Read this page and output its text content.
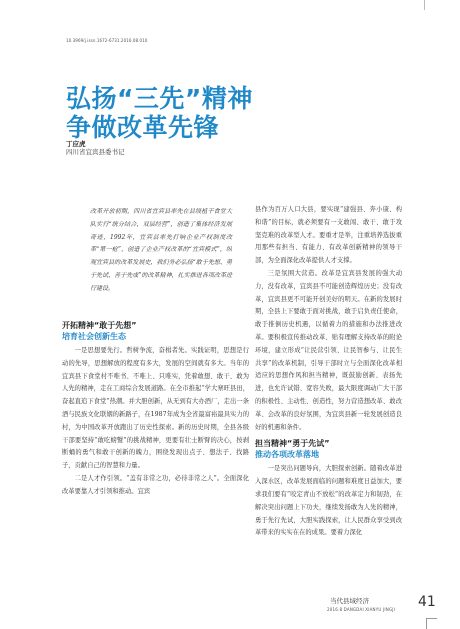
10.3969/j.issn.1672-6731.2016.08.010
弘扬“三先”精神
争做改革先锋
丁应虎
四川省宜宾县委书记

改革开放初期，四川省宜宾县率先在县级植干食堂大队实行“统分结合、双层经营”，创造了集体经济发展奇迹，1992年，宜宾县率先打响企业产权制度改革“第一枪”，创造了企业产权改革的“宜宾模式”，纵观宜宾县的改革发展史，我们务必弘扬“敢于先想、勇于先试、善于先成”的改革精神，扎实推进各项改革进行建设。

开拓精神“敢于先想”
培育社会创新生态

一是思想要先行。哲树争流，奋楫者先。实践证明，思想是行动的先导，思想解放的程度有多大，发展的空间就有多大。当年的宜宾县下食堂村不唯书、不唯上、只唯实，凭着敢想、敢干、敢为人先的精神，走在工商综合发展道路。在全市推起“学大寨旺县田，奋起直追下食堂”热潮。并大胆创新，从无到有大办酒厂，走出一条酒与民族文化联姻的新路子，在1987年成为全省最富裕最具实力的村，为中国改革开放跑出了历史性探索。新的历史时期，全县各级干部要坚持“敢吃螃蟹”的挑战精神，更要有壮士断臂的决心，按剥断蛹的勇气和敢干创新的魄力，围绕发现出点子、想法子、找路子，贡献自己的智慧和力量。

二是人才作引领。“盖有非常之功，必待非常之人”。全面深化改革要靠人才引领和推动。宜宾

县作为百万人口大县，要实现“建强县、奔小康、构和谐”的目标，就必须要有一支敢闯、敢干、敢于攻坚克难的改革型人才。要重才是举，注重培养选拔重用那些有担当、有能力、有改革创新精神的领导干部，为全面深化改革提供人才支撑。

三是氛围大营造。改革是宜宾县发展的强大动力，没有改革，宜宾县不可能创造辉煌历史；没有改革，宜宾县更不可能开创美好的明天。在新的发展时期，全县上下要敢于面对挑战，敢于启负责任使命，敢于推倒历史机遇，以循着力的措施和办法推进改革。要积极宣传推动改革、贴有理解支持改革的附论环境，建立形成“让民营引领、让民智参与、让民生共享”的改革机制，引导干部时立与全面深化改革相适应的思想作风和担当精神，既鼓励创新、表扬先进，也允许试错、宽容失败，最大限度调动广大干部的积极性、主动性、创造性，努力营造想改革、敢改革、会改革的良好氛围，为宜宾县新一轮发展创造良好的机遇和条件。

担当精神“勇于先试”
推动各项改革落地

一是突出问题导向，大胆探索创新。随着改革进入深水区，改革发展面临的问题和难度日益加大，要求我们要有“咬定青山不放松”的改革定力和韧劲，在解决突出问题上下功夫，继续发扬敢为人先的精神，勇于先行先试，大胆实践探索，让人民群众享受到改革带来的实实在在的成果。要着力深化

当代县域经济
2016.8 DANGDAI XIANYU JINGJI 41
